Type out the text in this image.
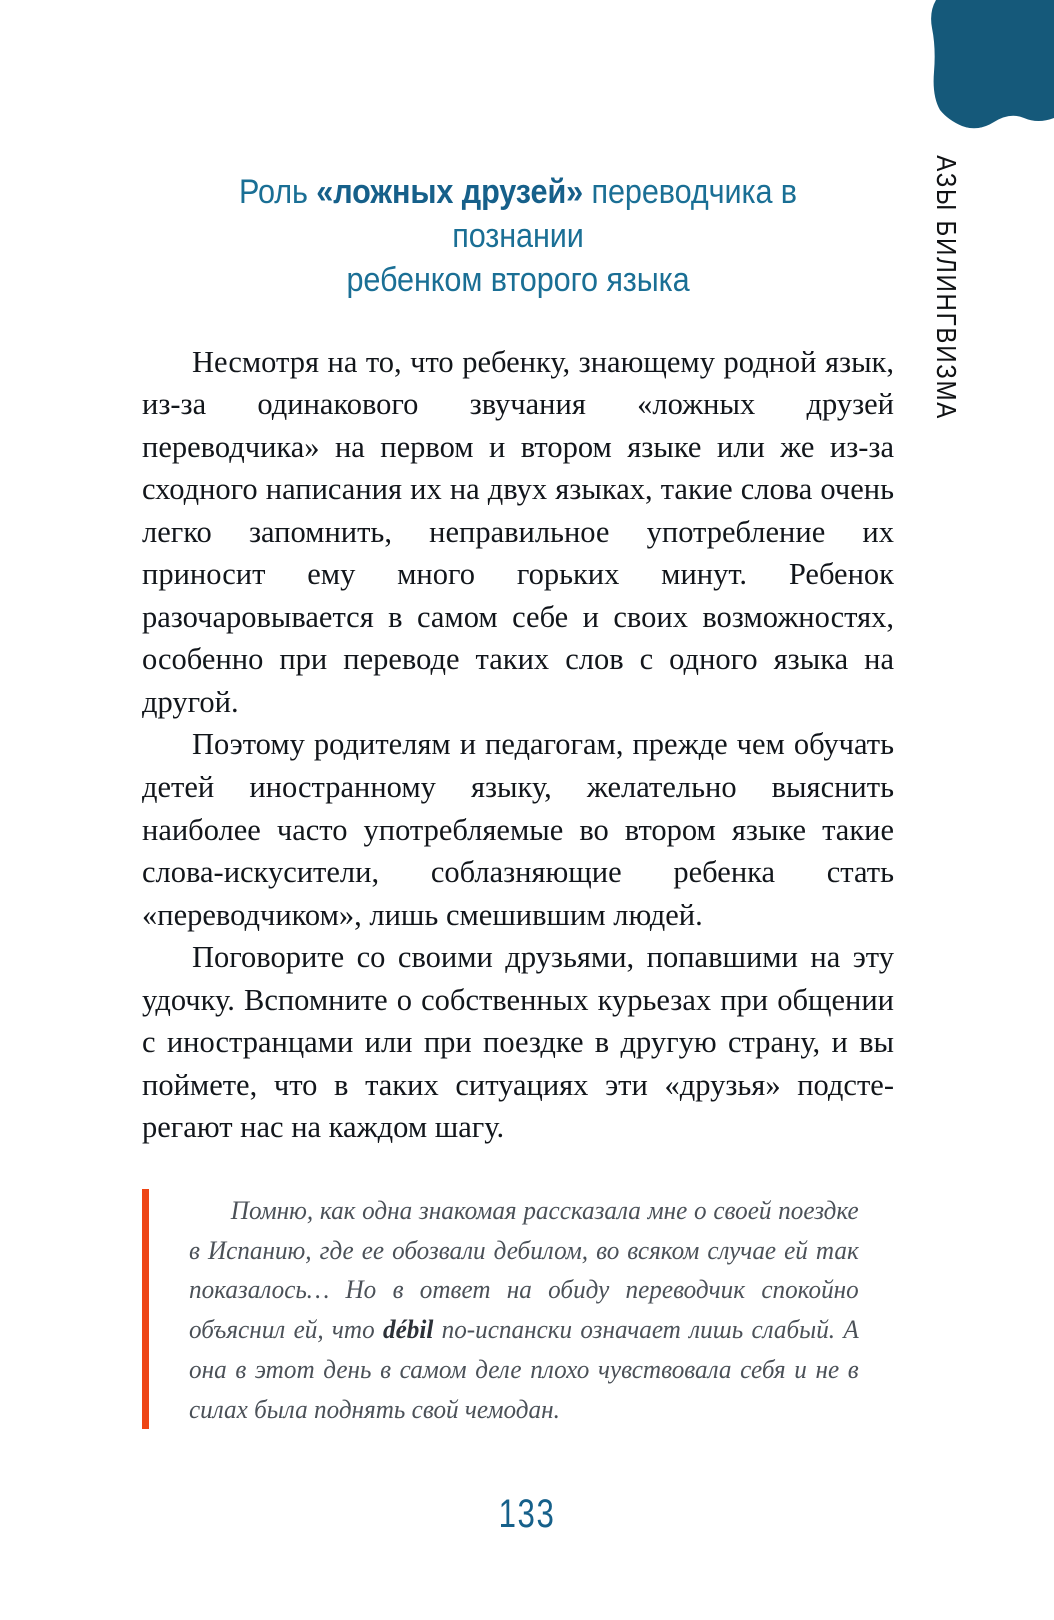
АЗЫ БИЛИНГВИЗМА
Роль «ложных друзей» переводчика в познании
ребенком второго языка

Несмотря на то, что ребенку, знающему родной язык, из-за одинакового звучания «ложных друзей переводчика» на первом и втором языке или же из-за сходного написания их на двух языках, такие слова очень легко запомнить, неправильное употребление их приносит ему много горьких минут. Ребенок разочаровывается в самом себе и своих возможностях, особенно при переводе таких слов с одного языка на другой.

Поэтому родителям и педагогам, прежде чем обучать детей иностранному языку, желательно выяснить наиболее часто употребляемые во втором языке такие слова-искусители, соблазняющие ребенка стать «переводчиком», лишь смешившим людей.

Поговорите со своими друзьями, попавшими на эту удочку. Вспомните о собственных курьезах при общении с иностранцами или при поездке в другую страну, и вы поймете, что в таких ситуациях эти «друзья» подстерегают нас на каждом шагу.

Помню, как одна знакомая рассказала мне о своей поездке в Испанию, где ее обозвали дебилом, во всяком случае ей так показалось… Но в ответ на обиду переводчик спокойно объяснил ей, что débil по-испански означает лишь слабый. А она в этот день в самом деле плохо чувствовала себя и не в силах была поднять свой чемодан.

133
